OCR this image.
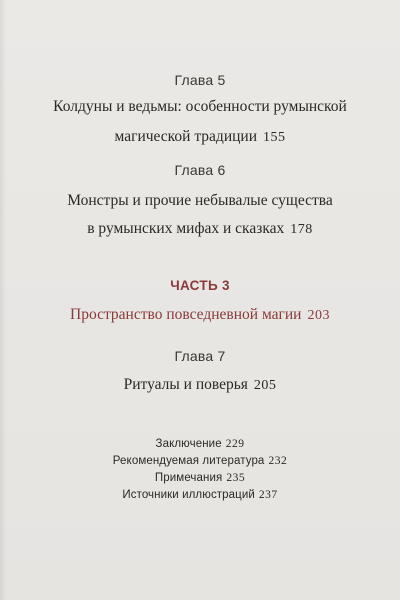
Глава 5
Колдуны и ведьмы: особенности румынской
магической традиции 155
Глава 6
Монстры и прочие небывалые существа
в румынских мифах и сказках 178
ЧАСТЬ 3
Пространство повседневной магии 203
Глава 7
Ритуалы и поверья 205
Заключение 229
Рекомендуемая литература 232
Примечания 235
Источники иллюстраций 237
